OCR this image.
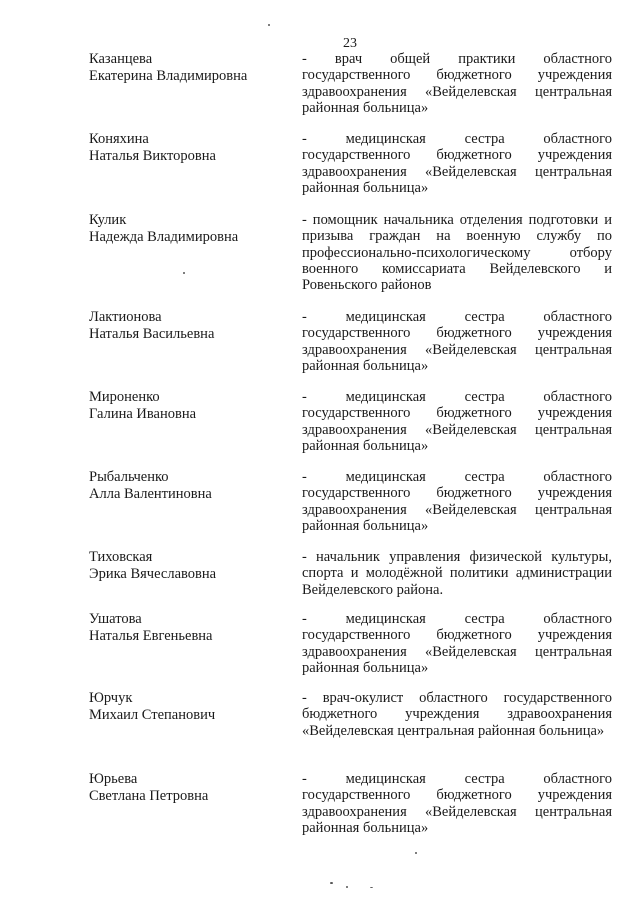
23
Казанцева
Екатерина Владимировна
- врач общей практики областного государственного бюджетного учреждения здравоохранения «Вейделевская центральная районная больница»
Коняхина
Наталья Викторовна
- медицинская сестра областного государственного бюджетного учреждения здравоохранения «Вейделевская центральная районная больница»
Кулик
Надежда Владимировна
- помощник начальника отделения подготовки и призыва граждан на военную службу по профессионально-психологическому отбору военного комиссариата Вейделевского и Ровеньского районов
Лактионова
Наталья Васильевна
- медицинская сестра областного государственного бюджетного учреждения здравоохранения «Вейделевская центральная районная больница»
Мироненко
Галина Ивановна
- медицинская сестра областного государственного бюджетного учреждения здравоохранения «Вейделевская центральная районная больница»
Рыбальченко
Алла Валентиновна
- медицинская сестра областного государственного бюджетного учреждения здравоохранения «Вейделевская центральная районная больница»
Тиховская
Эрика Вячеславовна
- начальник управления физической культуры, спорта и молодёжной политики администрации Вейделевского района.
Ушатова
Наталья Евгеньевна
- медицинская сестра областного государственного бюджетного учреждения здравоохранения «Вейделевская центральная районная больница»
Юрчук
Михаил Степанович
- врач-окулист областного государственного бюджетного учреждения здравоохранения «Вейделевская центральная районная больница»
Юрьева
Светлана Петровна
- медицинская сестра областного государственного бюджетного учреждения здравоохранения «Вейделевская центральная районная больница»
